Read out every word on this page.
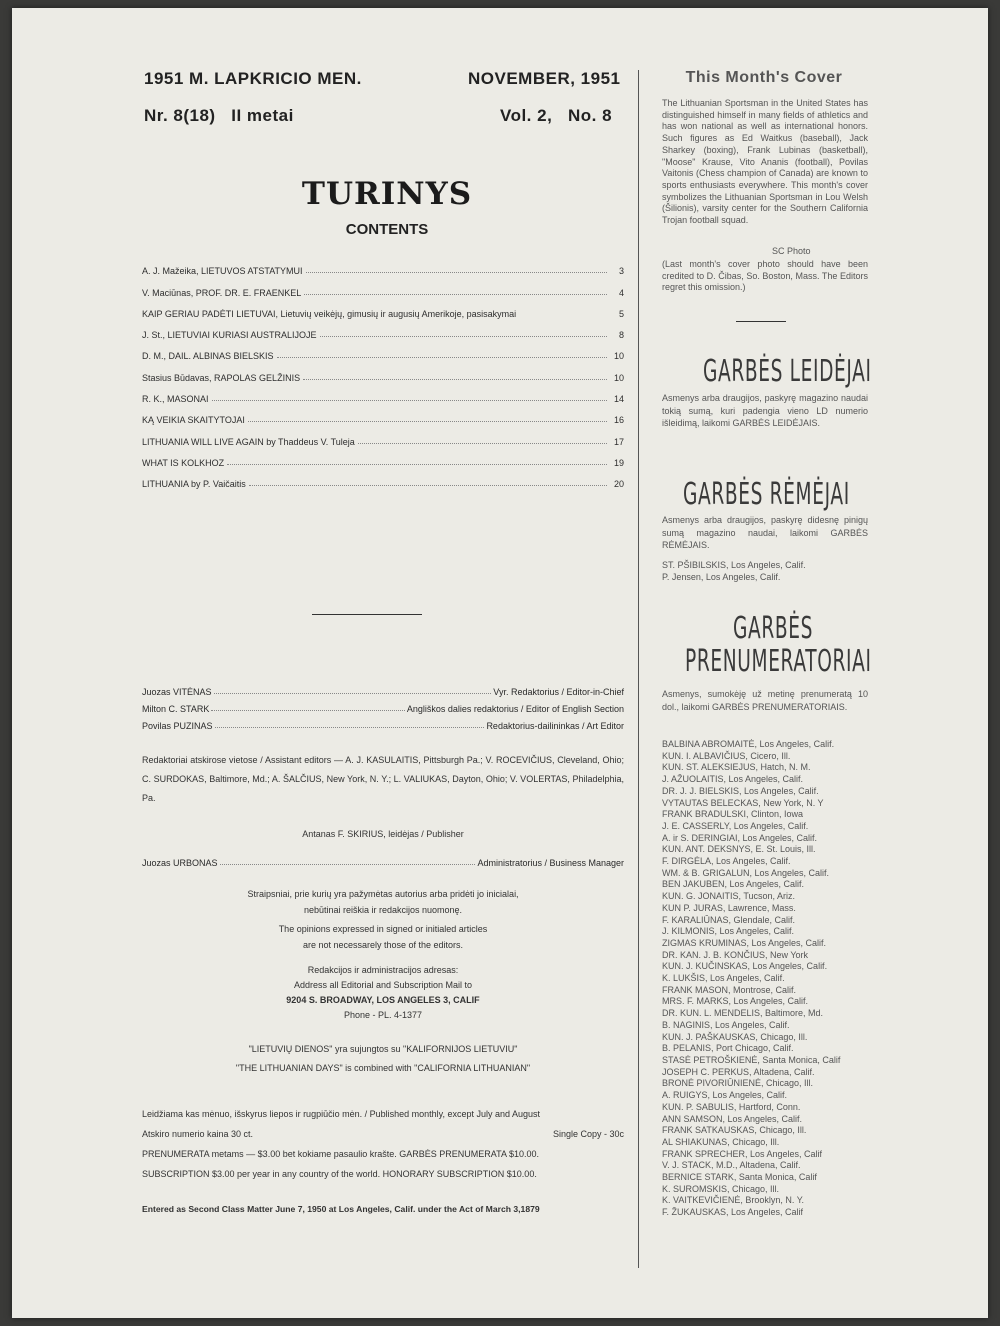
1951 M. LAPKRICIO MEN.
Nr. 8(18)   II metai
NOVEMBER, 1951
Vol. 2,   No. 8
TURINYS
CONTENTS
A. J. Mažeika, LIETUVOS ATSTATYMUI	3
V. Maciūnas, PROF. DR. E. FRAENKEL	4
KAIP GERIAU PADĖTI LIETUVAI, Lietuvių veikėjų, gimusių ir augusių Amerikoje, pasisakymai	5
J. St., LIETUVIAI KURIASI AUSTRALIJOJE	8
D. M., DAIL. ALBINAS BIELSKIS	10
Stasius Būdavas, RAPOLAS GELŽINIS	10
R. K., MASONAI	14
KĄ VEIKIA SKAITYTOJAI	16
LITHUANIA WILL LIVE AGAIN by Thaddeus V. Tuleja	17
WHAT IS KOLKHOZ	19
LITHUANIA by P. Vaičaitis	20
Juozas VITĖNAS	Vyr. Redaktorius / Editor-in-Chief
Milton C. STARK	Angliškos dalies redaktorius / Editor of English Section
Povilas PUZINAS	Redaktorius-dailininkas / Art Editor
Redaktoriai atskirose vietose / Assistant editors — A. J. KASULAITIS, Pittsburgh Pa.; V. ROCEVIČIUS, Cleveland, Ohio; C. SURDOKAS, Baltimore, Md.; A. ŠALČIUS, New York, N. Y.; L. VALIUKAS, Dayton, Ohio; V. VOLERTAS, Philadelphia, Pa.
Antanas F. SKIRIUS, leidėjas / Publisher
Juozas URBONAS	Administratorius / Business Manager
Straipsniai, prie kurių yra pažymėtas autorius arba pridėti jo inicialai,
nebūtinai reiškia ir redakcijos nuomonę.
The opinions expressed in signed or initialed articles
are not necessarely those of the editors.
Redakcijos ir administracijos adresas:
Address all Editorial and Subscription Mail to
9204 S. BROADWAY, LOS ANGELES 3, CALIF
Phone - PL. 4-1377
"LIETUVIŲ DIENOS" yra sujungtos su "KALIFORNIJOS LIETUVIU"
"THE LITHUANIAN DAYS" is combined with "CALIFORNIA LITHUANIAN"
Leidžiama kas mėnuo, išskyrus liepos ir rugpiūčio mėn. / Published monthly, except July and August
Atskiro numerio kaina 30 ct.	Single Copy - 30c
PRENUMERATA metams — $3.00 bet kokiame pasaulio krašte. GARBĖS PRENUMERATA $10.00.
SUBSCRIPTION $3.00 per year in any country of the world. HONORARY SUBSCRIPTION $10.00.
Entered as Second Class Matter June 7, 1950 at Los Angeles, Calif. under the Act of March 3,1879
This Month's Cover
The Lithuanian Sportsman in the United States has distinguished himself in many fields of athletics and has won national as well as international honors. Such figures as Ed Waitkus (baseball), Jack Sharkey (boxing), Frank Lubinas (basketball), "Moose" Krause, Vito Ananis (football), Povilas Vaitonis (Chess champion of Canada) are known to sports enthusiasts everywhere. This month's cover symbolizes the Lithuanian Sportsman in Lou Welsh (Šilionis), varsity center for the Southern California Trojan football squad.
SC Photo
(Last month's cover photo should have been credited to D. Čibas, So. Boston, Mass. The Editors regret this omission.)
GARBĖS LEIDĖJAI
Asmenys arba draugijos, paskyrę magazino naudai tokią sumą, kuri padengia vieno LD numerio išleidimą, laikomi GARBĖS LEIDĖJAIS.
GARBĖS RĖMĖJAI
Asmenys arba draugijos, paskyrę didesnę pinigų sumą magazino naudai, laikomi GARBĖS RĖMĖJAIS.
ST. PŠIBILSKIS, Los Angeles, Calif.
P. Jensen, Los Angeles, Calif.
GARBĖS
PRENUMERATORIAI
Asmenys, sumokėję už metinę prenumeratą 10 dol., laikomi GARBĖS PRENUMERATORIAIS.
BALBINA ABROMAITĖ, Los Angeles, Calif.
KUN. I. ALBAVIČIUS, Cicero, Ill.
KUN. ST. ALEKSIEJUS, Hatch, N. M.
J. AŽUOLAITIS, Los Angeles, Calif.
DR. J. J. BIELSKIS, Los Angeles, Calif.
VYTAUTAS BELECKAS, New York, N. Y
FRANK BRADULSKI, Clinton, Iowa
J. E. CASSERLY, Los Angeles, Calif.
A. ir S. DERINGIAI, Los Angeles, Calif.
KUN. ANT. DEKSNYS, E. St. Louis, Ill.
F. DIRGĖLA, Los Angeles, Calif.
WM. & B. GRIGALUN, Los Angeles, Calif.
BEN JAKUBEN, Los Angeles, Calif.
KUN. G. JONAITIS, Tucson, Ariz.
KUN P. JURAS, Lawrence, Mass.
F. KARALIŪNAS, Glendale, Calif.
J. KILMONIS, Los Angeles, Calif.
ZIGMAS KRUMINAS, Los Angeles, Calif.
DR. KAN. J. B. KONČIUS, New York
KUN. J. KUČINSKAS, Los Angeles, Calif.
K. LUKŠIS, Los Angeles, Calif.
FRANK MASON, Montrose, Calif.
MRS. F. MARKS, Los Angeles, Calif.
DR. KUN. L. MENDELIS, Baltimore, Md.
B. NAGINIS, Los Angeles, Calif.
KUN. J. PAŠKAUSKAS, Chicago, Ill.
B. PELANIS, Port Chicago, Calif.
STASĖ PETROŠKIENĖ, Santa Monica, Calif
JOSEPH C. PERKUS, Altadena, Calif.
BRONĖ PIVORIŪNIENĖ, Chicago, Ill.
A. RUIGYS, Los Angeles, Calif.
KUN. P. SABULIS, Hartford, Conn.
ANN SAMSON, Los Angeles, Calif.
FRANK SATKAUSKAS, Chicago, Ill.
AL SHIAKUNAS, Chicago, Ill.
FRANK SPRECHER, Los Angeles, Calif
V. J. STACK, M.D., Altadena, Calif.
BERNICE STARK, Santa Monica, Calif
K. SUROMSKIS, Chicago, Ill.
K. VAITKEVIČIENĖ, Brooklyn, N. Y.
F. ŽUKAUSKAS, Los Angeles, Calif
